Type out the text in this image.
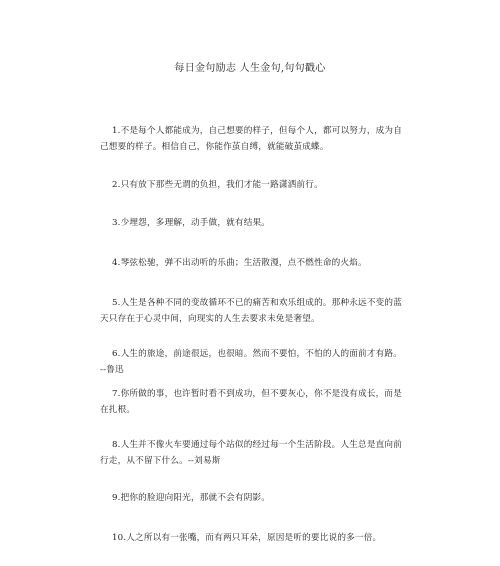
每日金句励志 人生金句,句句戳心

1.不是每个人都能成为，自己想要的样子，但每个人，都可以努力，成为自己想要的样子。相信自己，你能作茧自缚，就能破茧成蝶。

2.只有放下那些无谓的负担，我们才能一路潇洒前行。

3.少埋怨，多理解，动手做，就有结果。

4.琴弦松驰，弹不出动听的乐曲；生活散漫，点不燃性命的火焰。

5.人生是各种不同的变故循环不已的痛苦和欢乐组成的。那种永远不变的蓝天只存在于心灵中间，向现实的人生去要求未免是奢望。

6.人生的旅途，前途很远，也很暗。然而不要怕，不怕的人的面前才有路。--鲁迅

7.你所做的事，也许暂时看不到成功，但不要灰心，你不是没有成长，而是在扎根。

8.人生并不像火车要通过每个站似的经过每一个生活阶段。人生总是直向前行走，从不留下什么。--刘易斯

9.把你的脸迎向阳光，那就不会有阴影。

10.人之所以有一张嘴，而有两只耳朵，原因是听的要比说的多一倍。
